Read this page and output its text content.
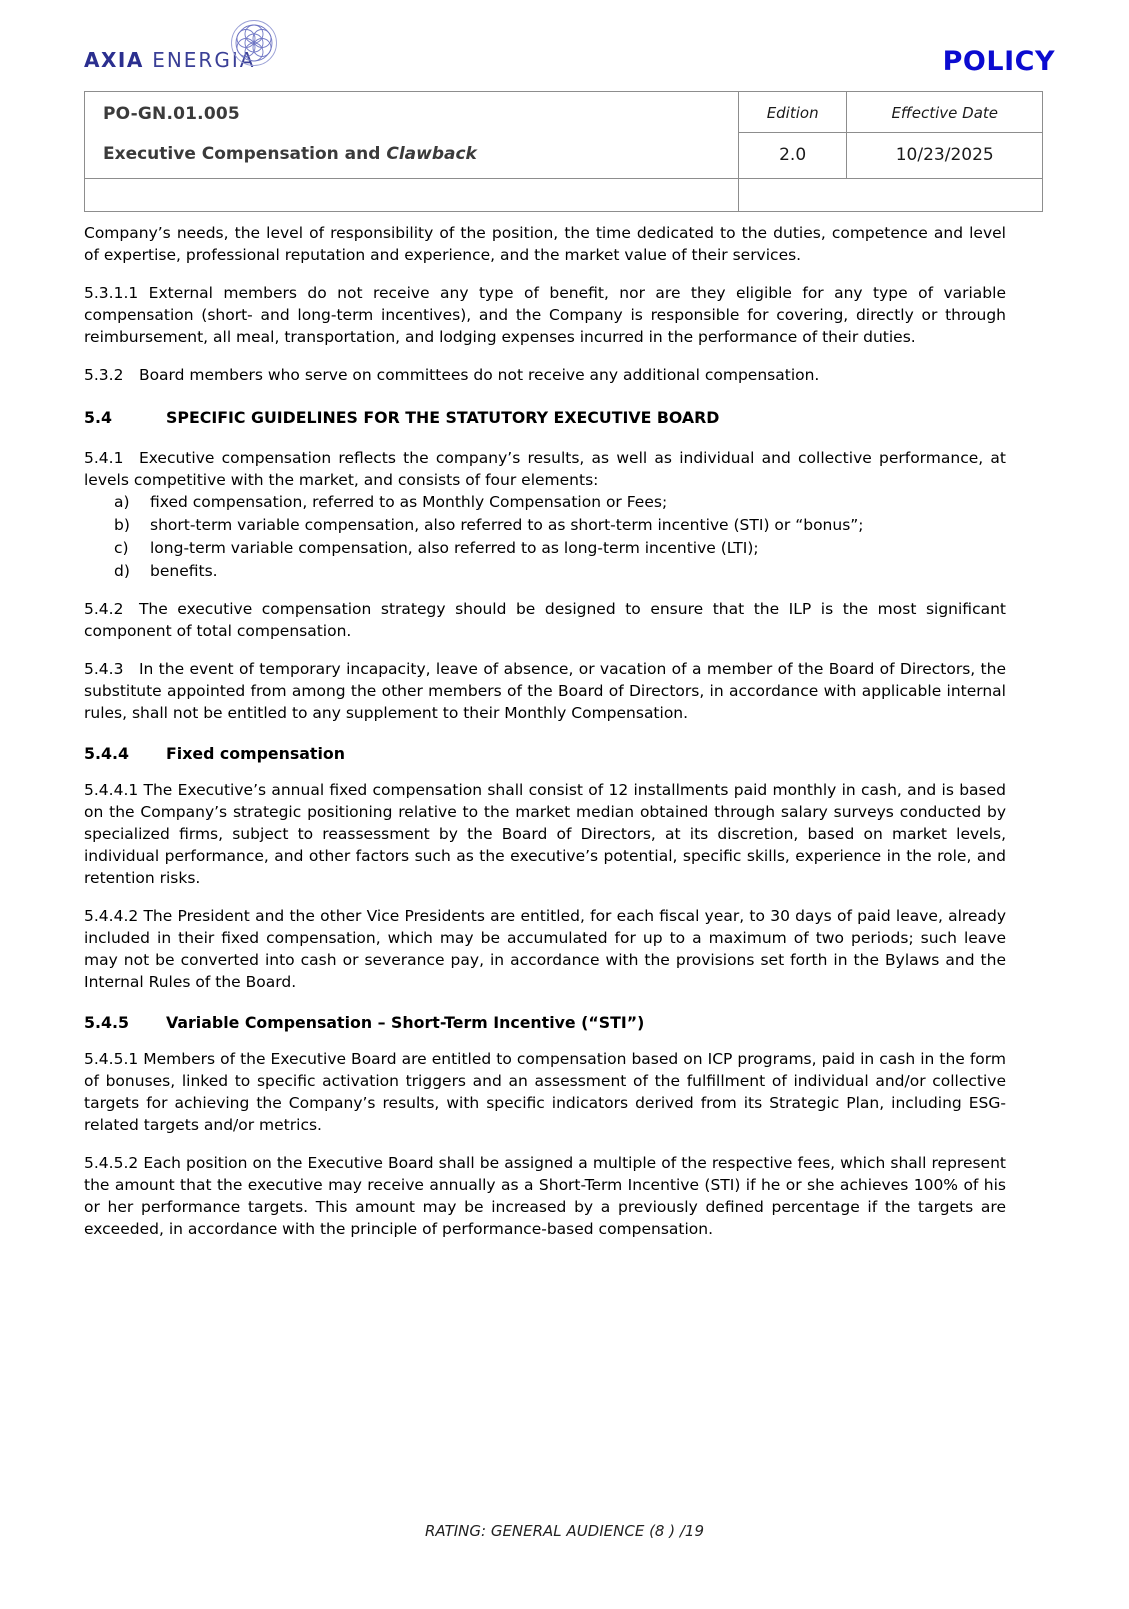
AXIA ENERGIA	POLICY
PO-GN.01.005
Executive Compensation and Clawback	Edition	Effective Date
	2.0	10/23/2025

Company’s needs, the level of responsibility of the position, the time dedicated to the duties, competence and level of expertise, professional reputation and experience, and the market value of their services.

5.3.1.1 External members do not receive any type of benefit, nor are they eligible for any type of variable compensation (short- and long-term incentives), and the Company is responsible for covering, directly or through reimbursement, all meal, transportation, and lodging expenses incurred in the performance of their duties.

5.3.2 Board members who serve on committees do not receive any additional compensation.

5.4	SPECIFIC GUIDELINES FOR THE STATUTORY EXECUTIVE BOARD

5.4.1  Executive compensation reflects the company’s results, as well as individual and collective performance, at levels competitive with the market, and consists of four elements:

a)	fixed compensation, referred to as Monthly Compensation or Fees;
b)	short-term variable compensation, also referred to as short-term incentive (STI) or “bonus”;
c)	long-term variable compensation, also referred to as long-term incentive (LTI);
d)	benefits.

5.4.2  The executive compensation strategy should be designed to ensure that the ILP is the most significant component of total compensation.

5.4.3  In the event of temporary incapacity, leave of absence, or vacation of a member of the Board of Directors, the substitute appointed from among the other members of the Board of Directors, in accordance with applicable internal rules, shall not be entitled to any supplement to their Monthly Compensation.

5.4.4	Fixed compensation

5.4.4.1 The Executive’s annual fixed compensation shall consist of 12 installments paid monthly in cash, and is based on the Company’s strategic positioning relative to the market median obtained through salary surveys conducted by specialized firms, subject to reassessment by the Board of Directors, at its discretion, based on market levels, individual performance, and other factors such as the executive’s potential, specific skills, experience in the role, and retention risks.

5.4.4.2 The President and the other Vice Presidents are entitled, for each fiscal year, to 30 days of paid leave, already included in their fixed compensation, which may be accumulated for up to a maximum of two periods; such leave may not be converted into cash or severance pay, in accordance with the provisions set forth in the Bylaws and the Internal Rules of the Board.

5.4.5	Variable Compensation – Short-Term Incentive (“STI”)

5.4.5.1 Members of the Executive Board are entitled to compensation based on ICP programs, paid in cash in the form of bonuses, linked to specific activation triggers and an assessment of the fulfillment of individual and/or collective targets for achieving the Company’s results, with specific indicators derived from its Strategic Plan, including ESG-related targets and/or metrics.

5.4.5.2 Each position on the Executive Board shall be assigned a multiple of the respective fees, which shall represent the amount that the executive may receive annually as a Short-Term Incentive (STI) if he or she achieves 100% of his or her performance targets. This amount may be increased by a previously defined percentage if the targets are exceeded, in accordance with the principle of performance-based compensation.

RATING: GENERAL AUDIENCE (8 ) /19
